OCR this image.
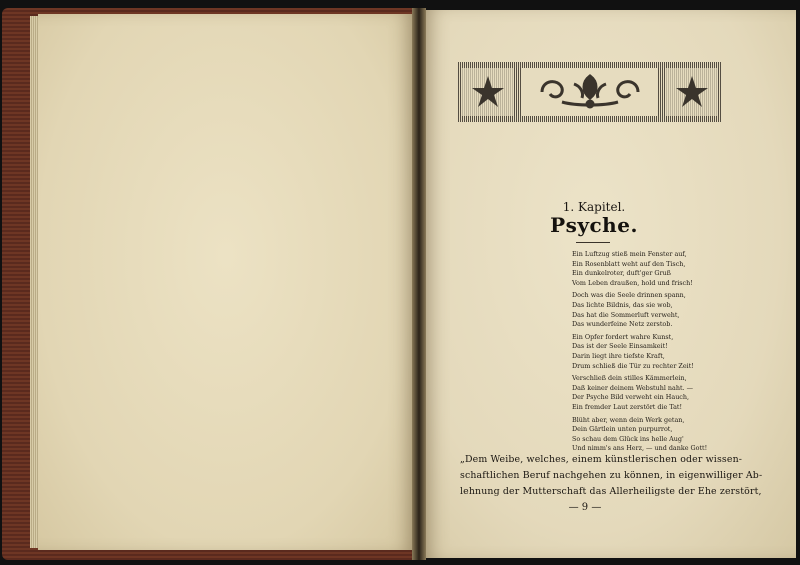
1. Kapitel.
Psyche.
Ein Luftzug stieß mein Fenster auf,
Ein Rosenblatt weht auf den Tisch,
Ein dunkelroter, duft'ger Gruß
Vom Leben draußen, hold und frisch!
Doch was die Seele drinnen spann,
Das lichte Bildnis, das sie wob,
Das hat die Sommerluft verweht,
Das wunderfeine Netz zerstob.
Ein Opfer fordert wahre Kunst,
Das ist der Seele Einsamkeit!
Darin liegt ihre tiefste Kraft,
Drum schließ die Tür zu rechter Zeit!
Verschließ dein stilles Kämmerlein,
Daß keiner deinem Webstuhl naht. —
Der Psyche Bild verweht ein Hauch,
Ein fremder Laut zerstört die Tat!
Blüht aber, wenn dein Werk getan,
Dein Gärtlein unten purpurrot,
So schau dem Glück ins helle Aug'
Und nimm's ans Herz, — und danke Gott!
„Dem Weibe, welches, einem künstlerischen oder wissen-
schaftlichen Beruf nachgehen zu können, in eigenwilliger Ab-
lehnung der Mutterschaft das Allerheiligste der Ehe zerstört,
— 9 —
